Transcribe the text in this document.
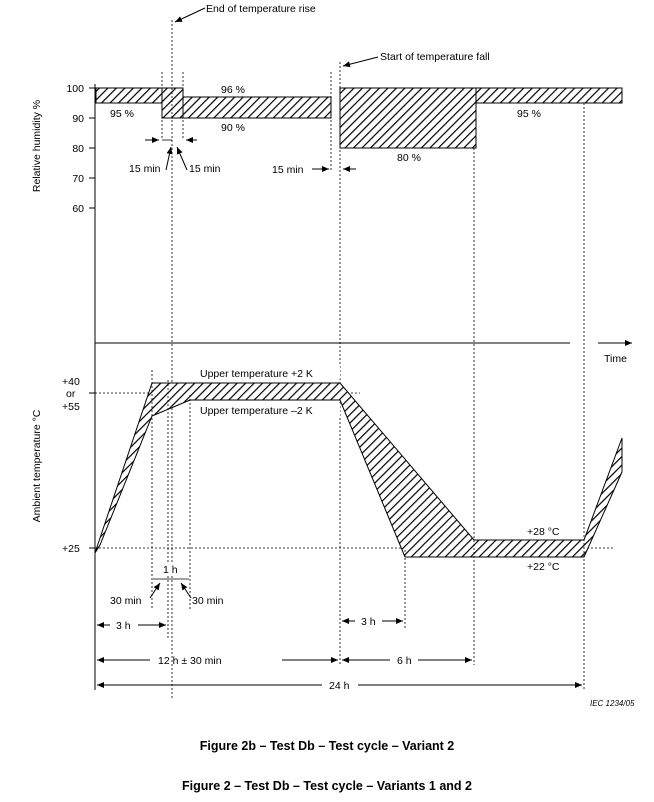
100
90
80
70
60
Relative humidity %	95 %
96 %
90 %
80 %
95 %
15 min	15 min	15 min
End of temperature rise
Start of temperature fall
Time
+40
or
+55
+25
Ambient temperature °C
Upper temperature +2 K
Upper temperature –2 K
+28 °C
+22 °C
1 h
30 min	30 min
3 h	3 h
12 h ± 30 min	6 h
24 h
IEC 1234/05
Figure 2b – Test Db – Test cycle – Variant 2
Figure 2 – Test Db – Test cycle – Variants 1 and 2
